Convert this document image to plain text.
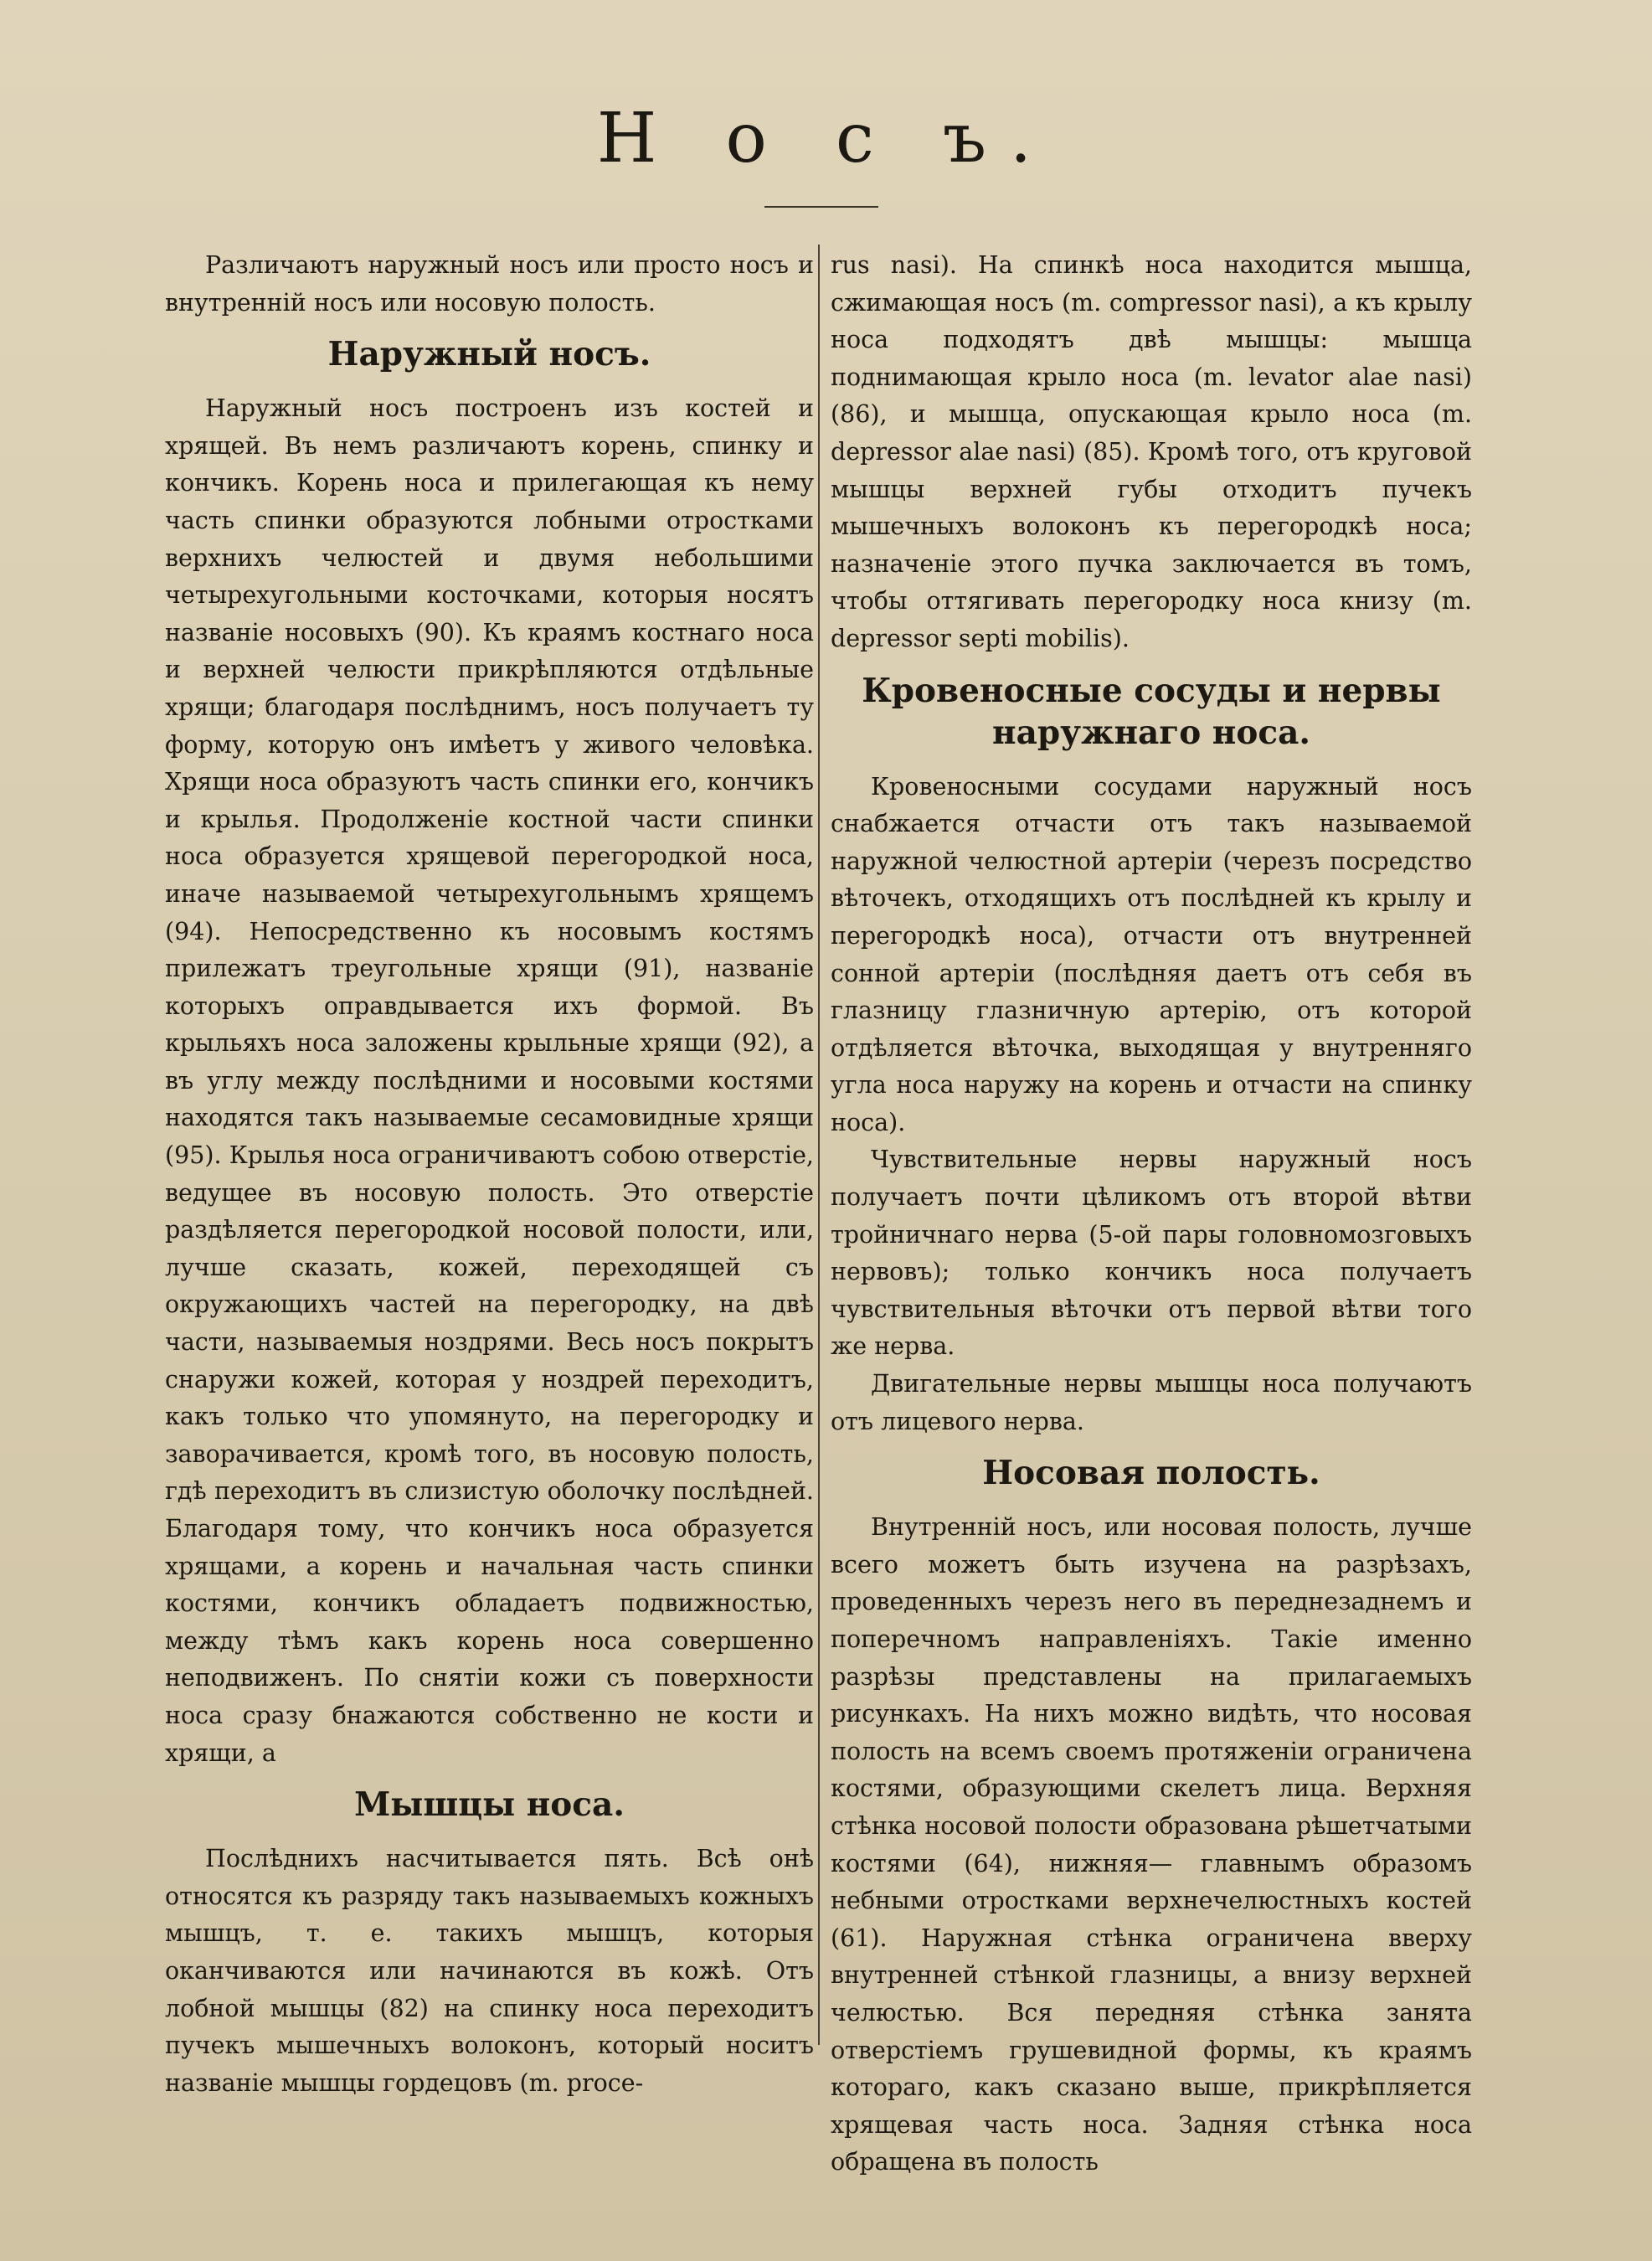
Н о с ъ.

Различаютъ наружный носъ или просто носъ и внутреннiй носъ или носовую полость.

Наружный носъ.

Наружный носъ построенъ изъ костей и хрящей. Въ немъ различаютъ корень, спинку и кончикъ. Корень носа и прилегающая къ нему часть спинки образуются лобными отростками верхнихъ челюстей и двумя небольшими четырехугольными косточками, которыя носятъ названiе носовыхъ (90). Къ краямъ костнаго носа и верхней челюсти прикрѣпляются отдѣльные хрящи; благодаря послѣднимъ, носъ получаетъ ту форму, которую онъ имѣетъ у живого человѣка. Хрящи носа образуютъ часть спинки его, кончикъ и крылья. Продолженiе костной части спинки носа образуется хрящевой перегородкой носа, иначе называемой четырехугольнымъ хрящемъ (94). Непосредственно къ носовымъ костямъ прилежатъ треугольные хрящи (91), названiе которыхъ оправдывается ихъ формой. Въ крыльяхъ носа заложены крыльные хрящи (92), а въ углу между послѣдними и носовыми костями находятся такъ называемые сесамовидные хрящи (95). Крылья носа ограничиваютъ собою отверстiе, ведущее въ носовую полость. Это отверстiе раздѣляется перегородкой носовой полости, или, лучше сказать, кожей, переходящей съ окружающихъ частей на перегородку, на двѣ части, называемыя ноздрями. Весь носъ покрытъ снаружи кожей, которая у ноздрей переходитъ, какъ только что упомянуто, на перегородку и заворачивается, кромѣ того, въ носовую полость, гдѣ переходитъ въ слизистую оболочку послѣдней. Благодаря тому, что кончикъ носа образуется хрящами, а корень и начальная часть спинки костями, кончикъ обладаетъ подвижностью, между тѣмъ какъ корень носа совершенно неподвиженъ. По снятiи кожи съ поверхности носа сразу бнажаются собственно не кости и хрящи, а

Мышцы носа.

Послѣднихъ насчитывается пять. Всѣ онѣ относятся къ разряду такъ называемыхъ кожныхъ мышцъ, т. е. такихъ мышцъ, которыя оканчиваются или начинаются въ кожѣ. Отъ лобной мышцы (82) на спинку носа переходитъ пучекъ мышечныхъ волоконъ, который носитъ названiе мышцы гордецовъ (m. proce-

rus nasi). На спинкѣ носа находится мышца, сжимающая носъ (m. compressor nasi), а къ крылу носа подходятъ двѣ мышцы: мышца поднимающая крыло носа (m. levator alae nasi) (86), и мышца, опускающая крыло носа (m. depressor alae nasi) (85). Кромѣ того, отъ круговой мышцы верхней губы отходитъ пучекъ мышечныхъ волоконъ къ перегородкѣ носа; назначенiе этого пучка заключается въ томъ, чтобы оттягивать перегородку носа книзу (m. depressor septi mobilis).

Кровеносные сосуды и нервы наружнаго носа.

Кровеносными сосудами наружный носъ снабжается отчасти отъ такъ называемой наружной челюстной артерiи (черезъ посредство вѣточекъ, отходящихъ отъ послѣдней къ крылу и перегородкѣ носа), отчасти отъ внутренней сонной артерiи (послѣдняя даетъ отъ себя въ глазницу глазничную артерiю, отъ которой отдѣляется вѣточка, выходящая у внутренняго угла носа наружу на корень и отчасти на спинку носа).

Чувствительные нервы наружный носъ получаетъ почти цѣликомъ отъ второй вѣтви тройничнаго нерва (5-ой пары головномозговыхъ нервовъ); только кончикъ носа получаетъ чувствительныя вѣточки отъ первой вѣтви того же нерва.

Двигательные нервы мышцы носа получаютъ отъ лицевого нерва.

Носовая полость.

Внутреннiй носъ, или носовая полость, лучше всего можетъ быть изучена на разрѣзахъ, проведенныхъ черезъ него въ переднезаднемъ и поперечномъ направленiяхъ. Такiе именно разрѣзы представлены на прилагаемыхъ рисункахъ. На нихъ можно видѣть, что носовая полость на всемъ своемъ протяженiи ограничена костями, образующими скелетъ лица. Верхняя стѣнка носовой полости образована рѣшетчатыми костями (64), нижняя— главнымъ образомъ небными отростками верхнечелюстныхъ костей (61). Наружная стѣнка ограничена вверху внутренней стѣнкой глазницы, а внизу верхней челюстью. Вся передняя стѣнка занята отверстiемъ грушевидной формы, къ краямъ котораго, какъ сказано выше, прикрѣпляется хрящевая часть носа. Задняя стѣнка носа обращена въ полость
